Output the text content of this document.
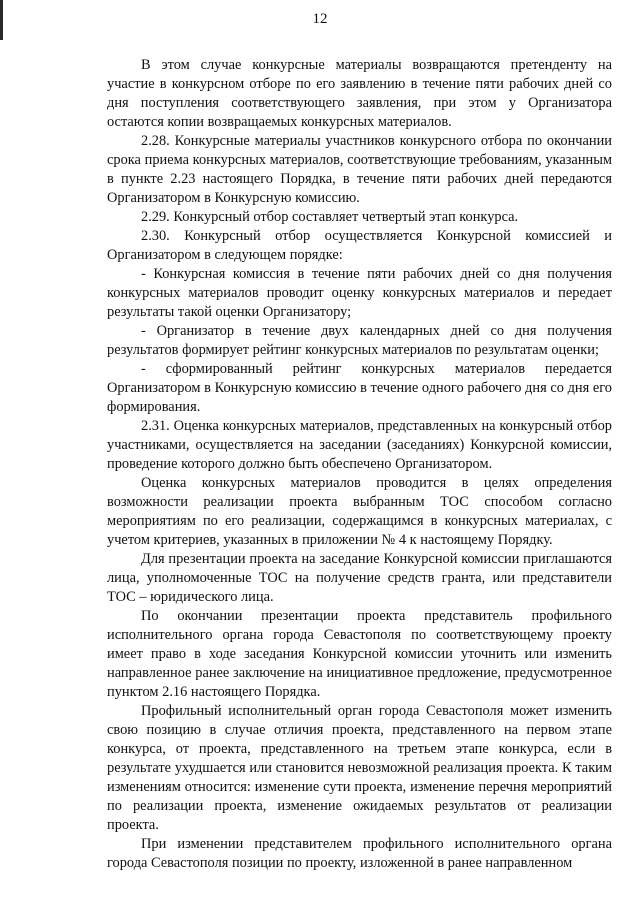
12

В этом случае конкурсные материалы возвращаются претенденту на участие в конкурсном отборе по его заявлению в течение пяти рабочих дней со дня поступления соответствующего заявления, при этом у Организатора остаются копии возвращаемых конкурсных материалов.

2.28. Конкурсные материалы участников конкурсного отбора по окончании срока приема конкурсных материалов, соответствующие требованиям, указанным в пункте 2.23 настоящего Порядка, в течение пяти рабочих дней передаются Организатором в Конкурсную комиссию.

2.29. Конкурсный отбор составляет четвертый этап конкурса.

2.30. Конкурсный отбор осуществляется Конкурсной комиссией и Организатором в следующем порядке:

- Конкурсная комиссия в течение пяти рабочих дней со дня получения конкурсных материалов проводит оценку конкурсных материалов и передает результаты такой оценки Организатору;

- Организатор в течение двух календарных дней со дня получения результатов формирует рейтинг конкурсных материалов по результатам оценки;

- сформированный рейтинг конкурсных материалов передается Организатором в Конкурсную комиссию в течение одного рабочего дня со дня его формирования.

2.31. Оценка конкурсных материалов, представленных на конкурсный отбор участниками, осуществляется на заседании (заседаниях) Конкурсной комиссии, проведение которого должно быть обеспечено Организатором.

Оценка конкурсных материалов проводится в целях определения возможности реализации проекта выбранным ТОС способом согласно мероприятиям по его реализации, содержащимся в конкурсных материалах, с учетом критериев, указанных в приложении № 4 к настоящему Порядку.

Для презентации проекта на заседание Конкурсной комиссии приглашаются лица, уполномоченные ТОС на получение средств гранта, или представители ТОС – юридического лица.

По окончании презентации проекта представитель профильного исполнительного органа города Севастополя по соответствующему проекту имеет право в ходе заседания Конкурсной комиссии уточнить или изменить направленное ранее заключение на инициативное предложение, предусмотренное пунктом 2.16 настоящего Порядка.

Профильный исполнительный орган города Севастополя может изменить свою позицию в случае отличия проекта, представленного на первом этапе конкурса, от проекта, представленного на третьем этапе конкурса, если в результате ухудшается или становится невозможной реализация проекта. К таким изменениям относится: изменение сути проекта, изменение перечня мероприятий по реализации проекта, изменение ожидаемых результатов от реализации проекта.

При изменении представителем профильного исполнительного органа города Севастополя позиции по проекту, изложенной в ранее направленном
